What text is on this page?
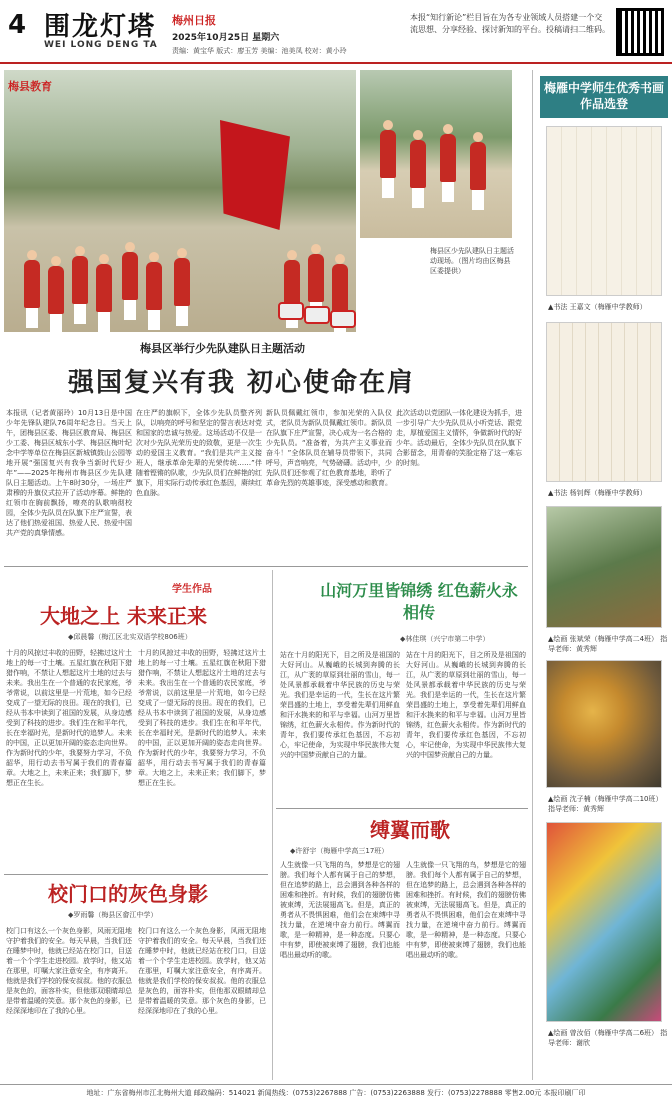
4 围龙灯塔
WEI LONG DENG TA
梅州日报
2025年10月25日 星期六
责编：黄宝华 版式：廖玉芳 美编：池美凤 校对：黄小玲
本报“知行新论”栏目旨在为各专业领域人员搭建一个交流思想、分享经验、探讨新知的平台。投稿请扫二维码。
梅县教育
梅县区少先队建队日主题活动现场。（图片均由区梅县区委提供）
梅县区举行少先队建队日主题活动
强国复兴有我 初心使命在肩
本报讯（记者黄丽玲）10月13日是中国少年先锋队建队76周年纪念日。当天上午，团梅县区委、梅县区教育局、梅县区少工委、梅县区城东小学、梅县区梅叶纪念中学等单位在梅县区新城镇鼓山公园等地开展“强国复兴有我争当新时代好少年”——2025年梅州市梅县区少先队建队日主题活动。上午8时30分，一场庄严肃穆的升旗仪式拉开了活动序幕。鲜艳的红领巾在胸前飘扬，嘹亮的队歌响彻校园，全体少先队员在队旗下庄严宣誓，表达了他们热爱祖国、热爱人民、热爱中国共产党的真挚情感。
在庄严的旗帜下，全体少先队员整齐列队，以响亮的呼号和坚定的誓言表达对党和国家的忠诚与热爱。这场活动不仅是一次对少先队光荣历史的致敬，更是一次生动的爱国主义教育。“我们是共产主义接班人，继承革命先辈的光荣传统……”伴随着铿锵的队歌，少先队员们在鲜艳的红旗下，用实际行动传承红色基因，赓续红色血脉。
新队员佩戴红领巾，参加光荣的入队仪式，老队员为新队员佩戴红领巾。新队员在队旗下庄严宣誓，决心成为一名合格的少先队员。“准备着，为共产主义事业而奋斗！”全体队员在辅导员带领下，共同呼号，声音响亮，气势磅礴。活动中，少先队员们还参观了红色教育基地，聆听了革命先烈的英雄事迹，深受感动和教育。
此次活动以党团队一体化建设为抓手，进一步引导广大少先队员从小听党话、跟党走，厚植爱国主义情怀，争做新时代的好少年。活动最后，全体少先队员在队旗下合影留念，用青春的笑脸定格了这一难忘的时刻。
梅雁中学师生优秀书画作品选登
▲书法 王嘉文（梅雁中学教师）
▲书法 杨钊辉（梅雁中学教师）
▲绘画 张斌荣（梅雁中学高二4班） 指导老师：黄秀辉
▲绘画 沈子楠（梅雁中学高二10班） 指导老师：黄秀辉
▲绘画 曾汝佰（梅雁中学高二6班） 指导老师：谢欣
学生作品
大地之上 未来正来
◆邱晨馨（梅江区北实双语学校806班）
十月的风掠过丰收的田野，轻拂过这片土地上的每一寸土壤。五星红旗在秋阳下猎猎作响，不禁让人想起这片土地的过去与未来。我出生在一个普通的农民家庭，爷爷常说，以前这里是一片荒地，如今已经变成了一望无际的良田。现在的我们，已经从书本中读到了祖国的发展，从身边感受到了科技的进步。我们生在和平年代，长在幸福时光，是新时代的追梦人。未来的中国，正以更加开阔的姿态走向世界。作为新时代的少年，我要努力学习，不负韶华，用行动去书写属于我们的青春篇章。大地之上，未来正来；我们脚下，梦想正在生长。
十月的风掠过丰收的田野，轻拂过这片土地上的每一寸土壤。五星红旗在秋阳下猎猎作响，不禁让人想起这片土地的过去与未来。我出生在一个普通的农民家庭，爷爷常说，以前这里是一片荒地，如今已经变成了一望无际的良田。现在的我们，已经从书本中读到了祖国的发展，从身边感受到了科技的进步。我们生在和平年代，长在幸福时光，是新时代的追梦人。未来的中国，正以更加开阔的姿态走向世界。作为新时代的少年，我要努力学习，不负韶华，用行动去书写属于我们的青春篇章。大地之上，未来正来；我们脚下，梦想正在生长。
校门口的灰色身影
◆罗雨馨（梅县区畲江中学）
校门口有这么一个灰色身影，风雨无阻地守护着我们的安全。每天早晨，当我们还在睡梦中时，他就已经站在校门口，目送着一个个学生走进校园。放学时，他又站在那里，叮嘱大家注意安全，有序离开。他就是我们学校的保安叔叔。他的衣服总是灰色的，面容朴实，但他那双眼睛却总是带着温暖的笑意。那个灰色的身影，已经深深地印在了我的心里。
校门口有这么一个灰色身影，风雨无阻地守护着我们的安全。每天早晨，当我们还在睡梦中时，他就已经站在校门口，目送着一个个学生走进校园。放学时，他又站在那里，叮嘱大家注意安全，有序离开。他就是我们学校的保安叔叔。他的衣服总是灰色的，面容朴实，但他那双眼睛却总是带着温暖的笑意。那个灰色的身影，已经深深地印在了我的心里。
山河万里皆锦绣 红色薪火永相传
◆林佳琪（兴宁市第二中学）
站在十月的阳光下，目之所及是祖国的大好河山。从巍峨的长城到奔腾的长江，从广袤的草原到壮丽的雪山，每一处风景都承载着中华民族的历史与荣光。我们是幸运的一代，生长在这片繁荣昌盛的土地上，享受着先辈们用鲜血和汗水换来的和平与幸福。山河万里皆锦绣，红色薪火永相传。作为新时代的青年，我们要传承红色基因，不忘初心，牢记使命，为实现中华民族伟大复兴的中国梦贡献自己的力量。
站在十月的阳光下，目之所及是祖国的大好河山。从巍峨的长城到奔腾的长江，从广袤的草原到壮丽的雪山，每一处风景都承载着中华民族的历史与荣光。我们是幸运的一代，生长在这片繁荣昌盛的土地上，享受着先辈们用鲜血和汗水换来的和平与幸福。山河万里皆锦绣，红色薪火永相传。作为新时代的青年，我们要传承红色基因，不忘初心，牢记使命，为实现中华民族伟大复兴的中国梦贡献自己的力量。
缚翼而歌
◆许舒宇（梅雁中学高三17班）
人生就像一只飞翔的鸟，梦想是它的翅膀。我们每个人都有属于自己的梦想，但在追梦的路上，总会遇到各种各样的困难和挫折。有时候，我们的翅膀仿佛被束缚，无法展翅高飞。但是，真正的勇者从不畏惧困难，他们会在束缚中寻找力量，在逆境中奋力前行。缚翼而歌，是一种精神，是一种态度。只要心中有梦，即使被束缚了翅膀，我们也能唱出最动听的歌。
人生就像一只飞翔的鸟，梦想是它的翅膀。我们每个人都有属于自己的梦想，但在追梦的路上，总会遇到各种各样的困难和挫折。有时候，我们的翅膀仿佛被束缚，无法展翅高飞。但是，真正的勇者从不畏惧困难，他们会在束缚中寻找力量，在逆境中奋力前行。缚翼而歌，是一种精神，是一种态度。只要心中有梦，即使被束缚了翅膀，我们也能唱出最动听的歌。
地址：广东省梅州市江北梅州大道 邮政编码：514021 新闻热线：(0753)2267888 广告：(0753)2263888 发行：(0753)2278888 零售2.00元 本报印刷厂印
